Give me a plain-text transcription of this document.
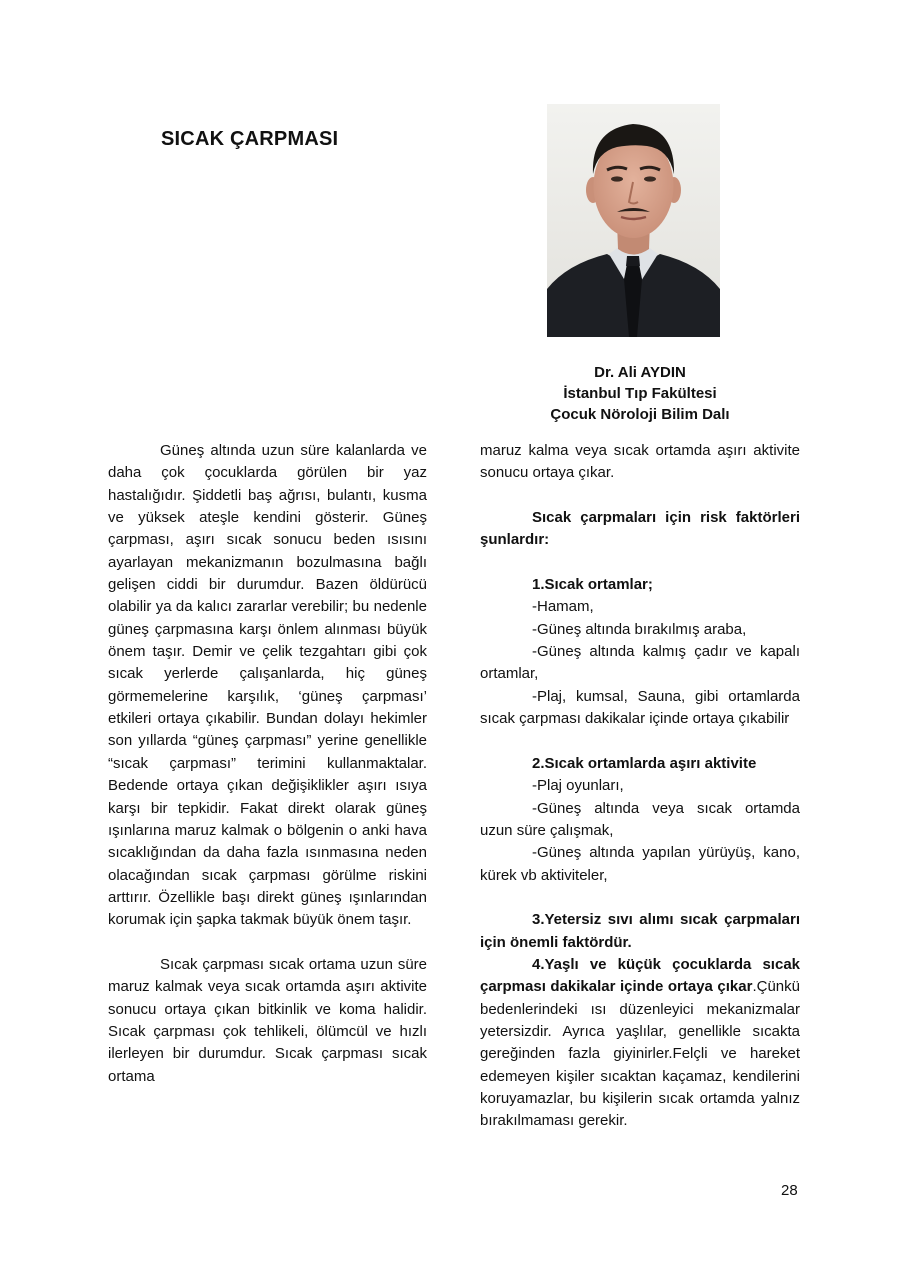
SICAK ÇARPMASI
Dr. Ali AYDIN
İstanbul Tıp Fakültesi
Çocuk Nöroloji Bilim Dalı

Güneş altında uzun süre kalanlarda ve daha çok çocuklarda görülen bir yaz hastalığıdır. Şiddetli baş ağrısı, bulantı, kusma ve yüksek ateşle kendini gösterir. Güneş çarpması, aşırı sıcak sonucu beden ısısını ayarlayan mekanizmanın bozulmasına bağlı gelişen ciddi bir durumdur. Bazen öldürücü olabilir ya da kalıcı zararlar verebilir; bu nedenle güneş çarpmasına karşı önlem alınması büyük önem taşır. Demir ve çelik tezgahtarı gibi çok sıcak yerlerde çalışanlarda, hiç güneş görmemelerine karşılık, ‘güneş çarpması’ etkileri ortaya çıkabilir. Bundan dolayı hekimler son yıllarda “güneş çarpması” yerine genellikle “sıcak çarpması” terimini kullanmaktalar. Bedende ortaya çıkan değişiklikler aşırı ısıya karşı bir tepkidir. Fakat direkt olarak güneş ışınlarına maruz kalmak o bölgenin o anki hava sıcaklığından da daha fazla ısınmasına neden olacağından sıcak çarpması görülme riskini arttırır. Özellikle başı direkt güneş ışınlarından korumak için şapka takmak büyük önem taşır.

Sıcak çarpması sıcak ortama uzun süre maruz kalmak veya sıcak ortamda aşırı aktivite sonucu ortaya çıkan bitkinlik ve koma halidir. Sıcak çarpması çok tehlikeli, ölümcül ve hızlı ilerleyen bir durumdur. Sıcak çarpması sıcak ortama

maruz kalma veya sıcak ortamda aşırı aktivite sonucu ortaya çıkar.

Sıcak çarpmaları için risk faktörleri şunlardır:

1.Sıcak ortamlar;

-Hamam,

-Güneş altında bırakılmış araba,

-Güneş altında kalmış çadır ve kapalı ortamlar,

-Plaj, kumsal, Sauna, gibi ortamlarda sıcak çarpması dakikalar içinde ortaya çıkabilir

2.Sıcak ortamlarda aşırı aktivite

-Plaj oyunları,

-Güneş altında veya sıcak ortamda uzun süre çalışmak,

-Güneş altında yapılan yürüyüş, kano, kürek vb aktiviteler,

3.Yetersiz sıvı alımı sıcak çarpmaları için önemli faktördür.

4.Yaşlı ve küçük çocuklarda sıcak çarpması dakikalar içinde ortaya çıkar.Çünkü bedenlerindeki ısı düzenleyici mekanizmalar yetersizdir. Ayrıca yaşlılar, genellikle sıcakta gereğinden fazla giyinirler.Felçli ve hareket edemeyen kişiler sıcaktan kaçamaz, kendilerini koruyamazlar, bu kişilerin sıcak ortamda yalnız bırakılmaması gerekir.

28
